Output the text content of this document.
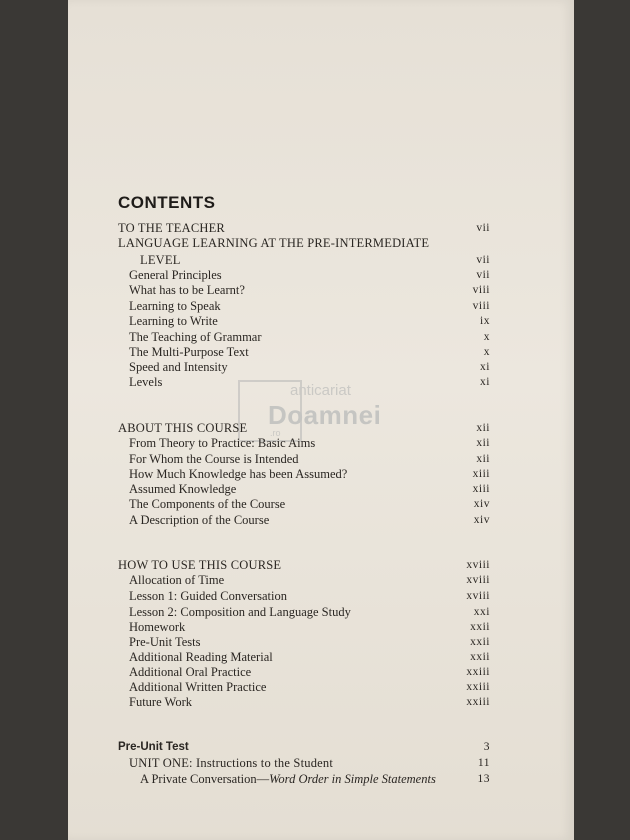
anticariat
Doamnei
.ro
CONTENTS
TO THE TEACHER	vii
LANGUAGE LEARNING AT THE PRE-INTERMEDIATE
LEVEL	vii
General Principles	vii
What has to be Learnt?	viii
Learning to Speak	viii
Learning to Write	ix
The Teaching of Grammar	x
The Multi-Purpose Text	x
Speed and Intensity	xi
Levels	xi
ABOUT THIS COURSE	xii
From Theory to Practice: Basic Aims	xii
For Whom the Course is Intended	xii
How Much Knowledge has been Assumed?	xiii
Assumed Knowledge	xiii
The Components of the Course	xiv
A Description of the Course	xiv
HOW TO USE THIS COURSE	xviii
Allocation of Time	xviii
Lesson 1: Guided Conversation	xviii
Lesson 2: Composition and Language Study	xxi
Homework	xxii
Pre-Unit Tests	xxii
Additional Reading Material	xxii
Additional Oral Practice	xxiii
Additional Written Practice	xxiii
Future Work	xxiii
Pre-Unit Test	3
UNIT ONE: Instructions to the Student	11
A Private Conversation—Word Order in Simple Statements	13
